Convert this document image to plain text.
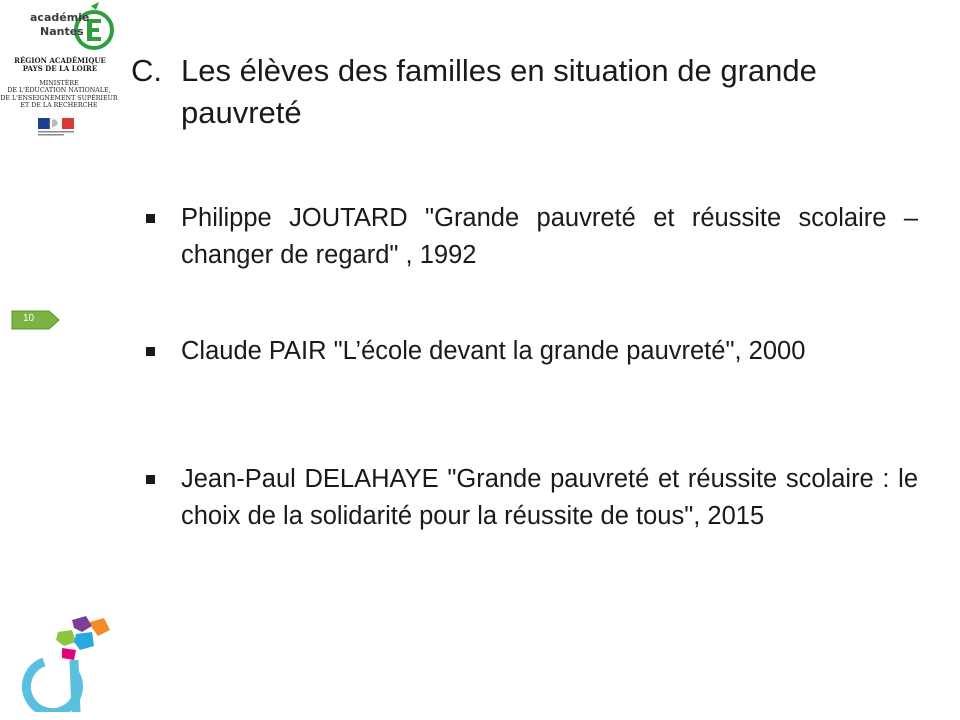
académie
Nantes
RÉGION ACADÉMIQUE
PAYS DE LA LOIRE
MINISTÈRE
DE L'ÉDUCATION NATIONALE,
DE L'ENSEIGNEMENT SUPÉRIEUR
ET DE LA RECHERCHE
C. Les élèves des familles en situation de grande pauvreté
10
Philippe JOUTARD "Grande pauvreté et réussite scolaire – changer de regard" , 1992
Claude PAIR "L’école devant la grande pauvreté", 2000
Jean-Paul DELAHAYE "Grande pauvreté et réussite scolaire : le choix de la solidarité pour la réussite de tous", 2015
